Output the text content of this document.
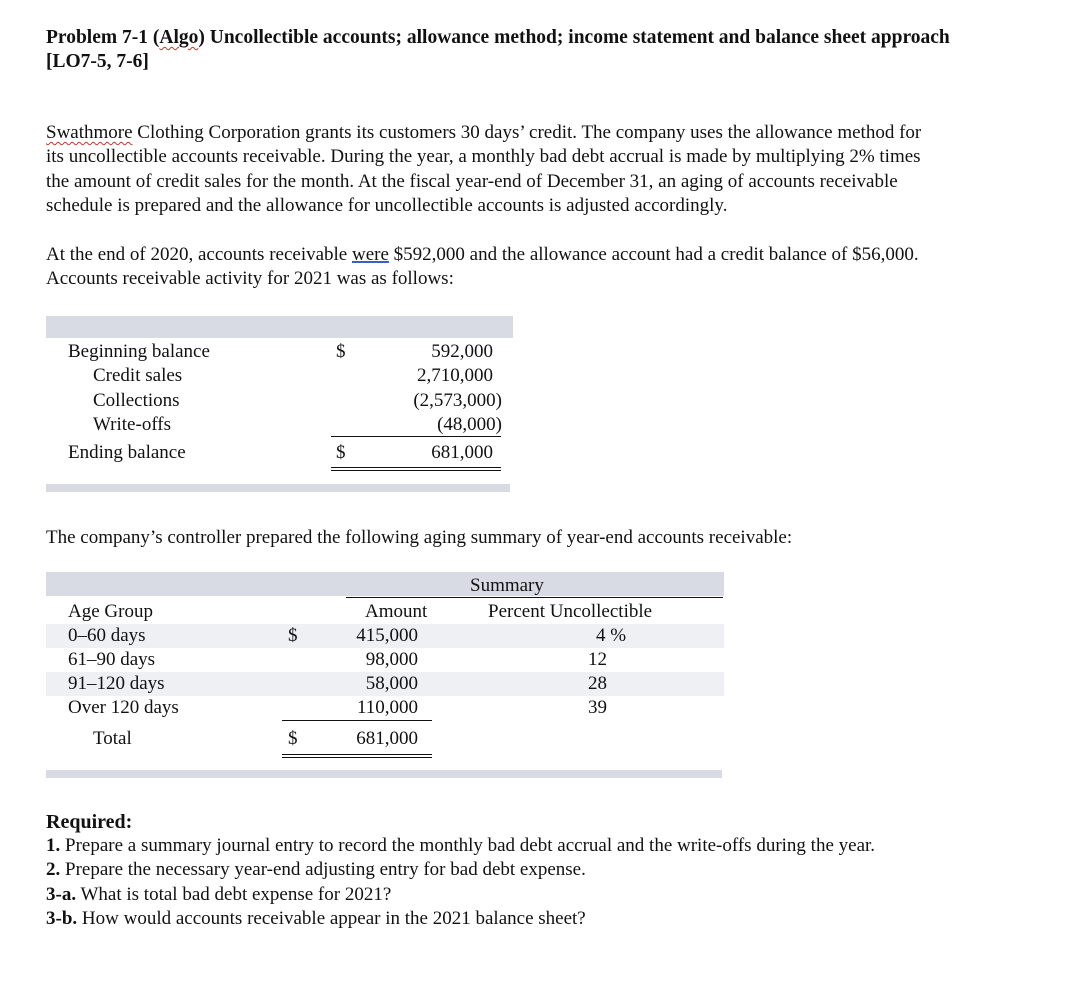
Problem 7-1 (Algo) Uncollectible accounts; allowance method; income statement and balance sheet approach
[LO7-5, 7-6]
Swathmore Clothing Corporation grants its customers 30 days’ credit. The company uses the allowance method for
its uncollectible accounts receivable. During the year, a monthly bad debt accrual is made by multiplying 2% times
the amount of credit sales for the month. At the fiscal year-end of December 31, an aging of accounts receivable
schedule is prepared and the allowance for uncollectible accounts is adjusted accordingly.
At the end of 2020, accounts receivable were $592,000 and the allowance account had a credit balance of $56,000.
Accounts receivable activity for 2021 was as follows:
Beginning balance	$	592,000
Credit sales	2,710,000
Collections	(2,573,000)
Write-offs	(48,000)
Ending balance	$	681,000
The company’s controller prepared the following aging summary of year-end accounts receivable:
Summary
Age Group	Amount	Percent Uncollectible
0–60 days	$	415,000	4 %
61–90 days	98,000	12
91–120 days	58,000	28
Over 120 days	110,000	39
Total	$	681,000
Required:
1. Prepare a summary journal entry to record the monthly bad debt accrual and the write-offs during the year.
2. Prepare the necessary year-end adjusting entry for bad debt expense.
3-a. What is total bad debt expense for 2021?
3-b. How would accounts receivable appear in the 2021 balance sheet?
